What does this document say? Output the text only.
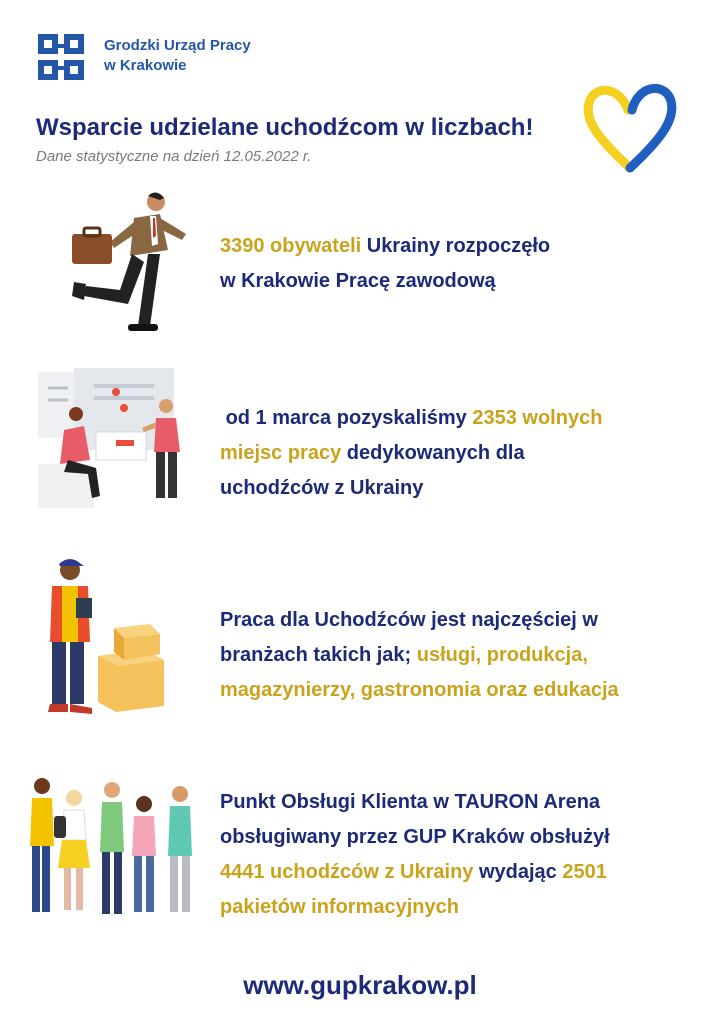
Grodzki Urząd Pracy
w Krakowie
Wsparcie udzielane uchodźcom w liczbach!
Dane statystyczne na dzień 12.05.2022 r.
3390 obywateli Ukrainy rozpoczęło
w Krakowie Pracę zawodową
od 1 marca pozyskaliśmy 2353 wolnych
miejsc pracy dedykowanych dla
uchodźców z Ukrainy
Praca dla Uchodźców jest najczęściej w
branżach takich jak; usługi, produkcja,
magazynierzy, gastronomia oraz edukacja
Punkt Obsługi Klienta w TAURON Arena
obsługiwany przez GUP Kraków obsłużył
4441 uchodźców z Ukrainy wydając 2501
pakietów informacyjnych
www.gupkrakow.pl
